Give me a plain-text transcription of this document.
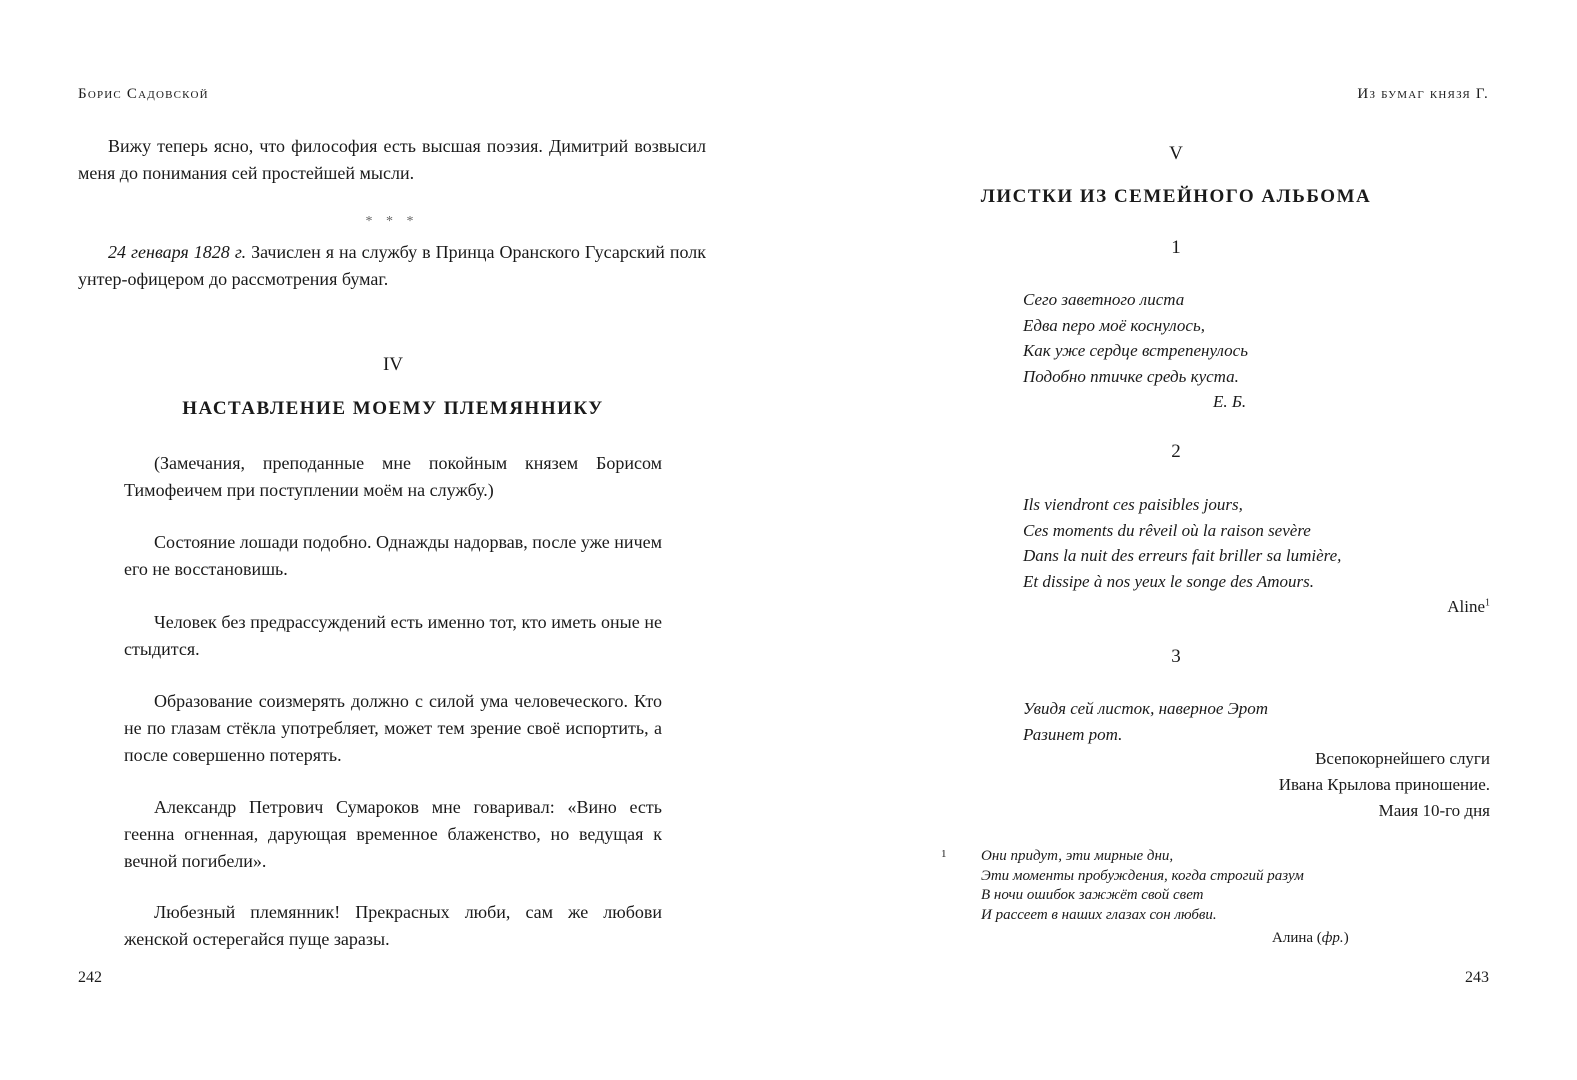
Борис Садовской

Вижу теперь ясно, что философия есть высшая поэзия. Димитрий возвысил меня до понимания сей простейшей мысли.

* * *

24 генваря 1828 г. Зачислен я на службу в Принца Оранского Гусарский полк унтер-офицером до рассмотрения бумаг.

IV
НАСТАВЛЕНИЕ МОЕМУ ПЛЕМЯННИКУ

(Замечания, преподанные мне покойным князем Борисом Тимофеичем при поступлении моём на службу.)

Состояние лошади подобно. Однажды надорвав, после уже ничем его не восстановишь.

Человек без предрассуждений есть именно тот, кто иметь оные не стыдится.

Образование соизмерять должно с силой ума человеческого. Кто не по глазам стёкла употребляет, может тем зрение своё испортить, а после совершенно потерять.

Александр Петрович Сумароков мне говаривал: «Вино есть геенна огненная, дарующая временное блаженство, но ведущая к вечной погибели».

Любезный племянник! Прекрасных люби, сам же любови женской остерегайся пуще заразы.

242
Из бумаг князя Г.
V
ЛИСТКИ ИЗ СЕМЕЙНОГО АЛЬБОМА
1
Сего заветного листа
Едва перо моё коснулось,
Как уже сердце встрепенулось
Подобно птичке средь куста.
Е. Б.
2
Ils viendront ces paisibles jours,
Ces moments du rêveil où la raison sevère
Dans la nuit des erreurs fait briller sa lumière,
Et dissipe à nos yeux le songe des Amours.
Aline$^1$
3
Увидя сей листок, наверное Эрот
Разинет рот.
Всепокорнейшего слуги
Ивана Крылова приношение.
Маия 10-го дня
1 Они придут, эти мирные дни,
Эти моменты пробуждения, когда строгий разум
В ночи ошибок зажжёт свой свет
И рассеет в наших глазах сон любви.
Алина (фр.)
243
